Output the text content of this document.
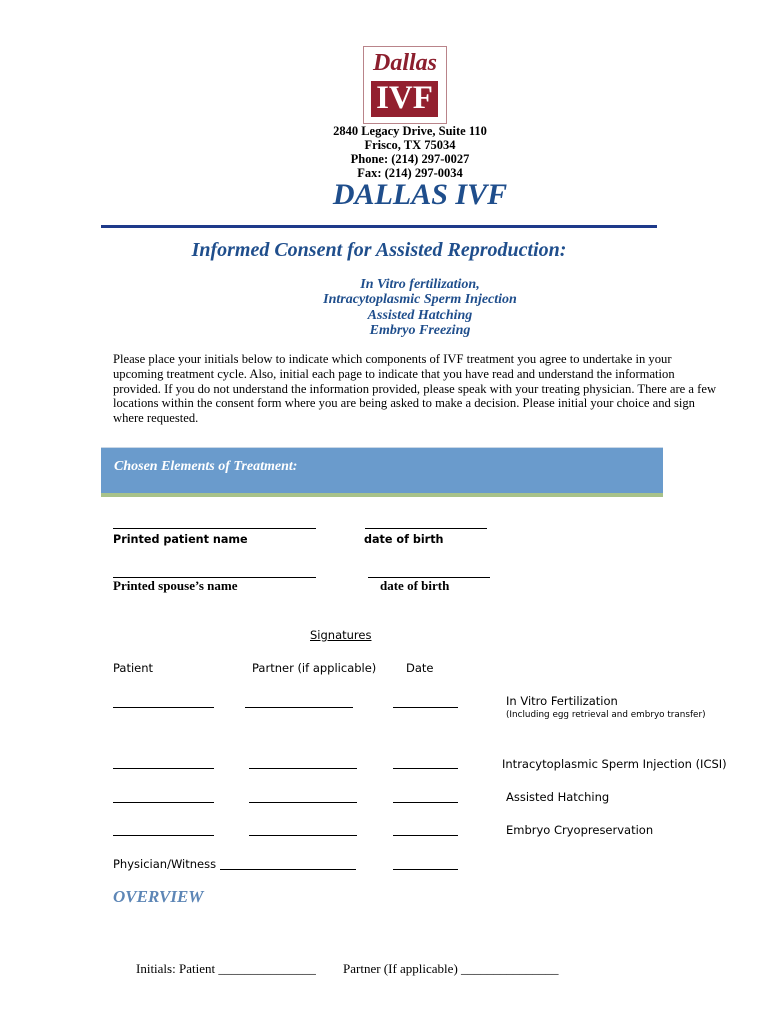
Dallas
IVF
2840 Legacy Drive, Suite 110
Frisco, TX 75034
Phone: (214) 297-0027
Fax: (214) 297-0034
DALLAS IVF
Informed Consent for Assisted Reproduction:
In Vitro fertilization,
Intracytoplasmic Sperm Injection
Assisted Hatching
Embryo Freezing
Please place your initials below to indicate which components of IVF treatment you agree to undertake in your upcoming treatment cycle. Also, initial each page to indicate that you have read and understand the information provided. If you do not understand the information provided, please speak with your treating physician. There are a few locations within the consent form where you are being asked to make a decision. Please initial your choice and sign where requested.
Chosen Elements of Treatment:
Printed patient name	date of birth
Printed spouse’s name	date of birth
Signatures
Patient	Partner (if applicable)	Date
In Vitro Fertilization
(Including egg retrieval and embryo transfer)
Intracytoplasmic Sperm Injection (ICSI)
Assisted Hatching
Embryo Cryopreservation
Physician/Witness
OVERVIEW
Initials: Patient _______________ Partner (If applicable) _______________
